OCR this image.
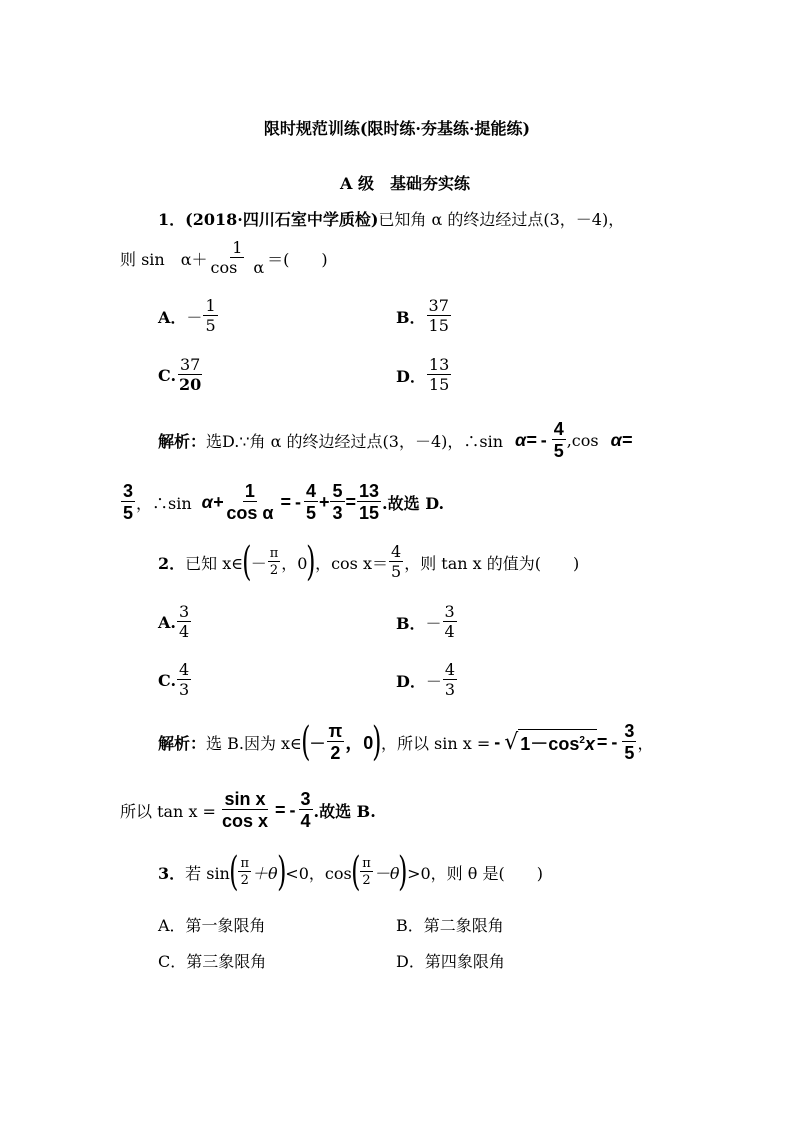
限时规范训练(限时练·夯基练·提能练)
A 级　基础夯实练
1．(2018·四川石室中学质检)已知角 α 的终边经过点(3，－4)，
则 sin　$\alpha+ \frac{1}{\text{cos　α}}$ ＝(　　)
A． － $\frac{1}{5}$	B． $\frac{37}{15}$
C. $\frac{37}{20}$	D． $\frac{13}{15}$
解析： 选D.∵角 α 的终边经过点(3，－4)，∴sin $\alpha= - \frac{4}{5} ,\cos$ α=
$\frac{3}{5}$ ，∴sin $\alpha+ \frac{1}{\text{cos α}}$ = - $\frac{4}{5} + \frac{5}{3} = \frac{13}{15}$ .故选 D.
2． 已知 x∈ ( － $\frac{\pi}{2}$ ，0 ) ，$\cos x= \frac{4}{5}$ ，则 tan x 的值为(　　)
A. $\frac{3}{4}$	B． － $\frac{3}{4}$
C. $\frac{4}{3}$	D． － $\frac{4}{3}$
解析： 选 B.因为 x∈ ( － $\frac{\pi}{2}$ ，0 ) ，所以 sin x = - √ $1-\cos^2x$ = - $\frac{3}{5}$ ，
所以 $\tan x = \frac{\text{sin x}}{\text{cos x}}$ = - $\frac{3}{4}$ .故选 B.
3． 若 sin ( $\frac{\pi}{2} +\theta$ ) <0，cos ( $\frac{\pi}{2} -\theta$ ) >0，则 θ 是(　　)
A．第一象限角	B．第二象限角
C．第三象限角	D．第四象限角
